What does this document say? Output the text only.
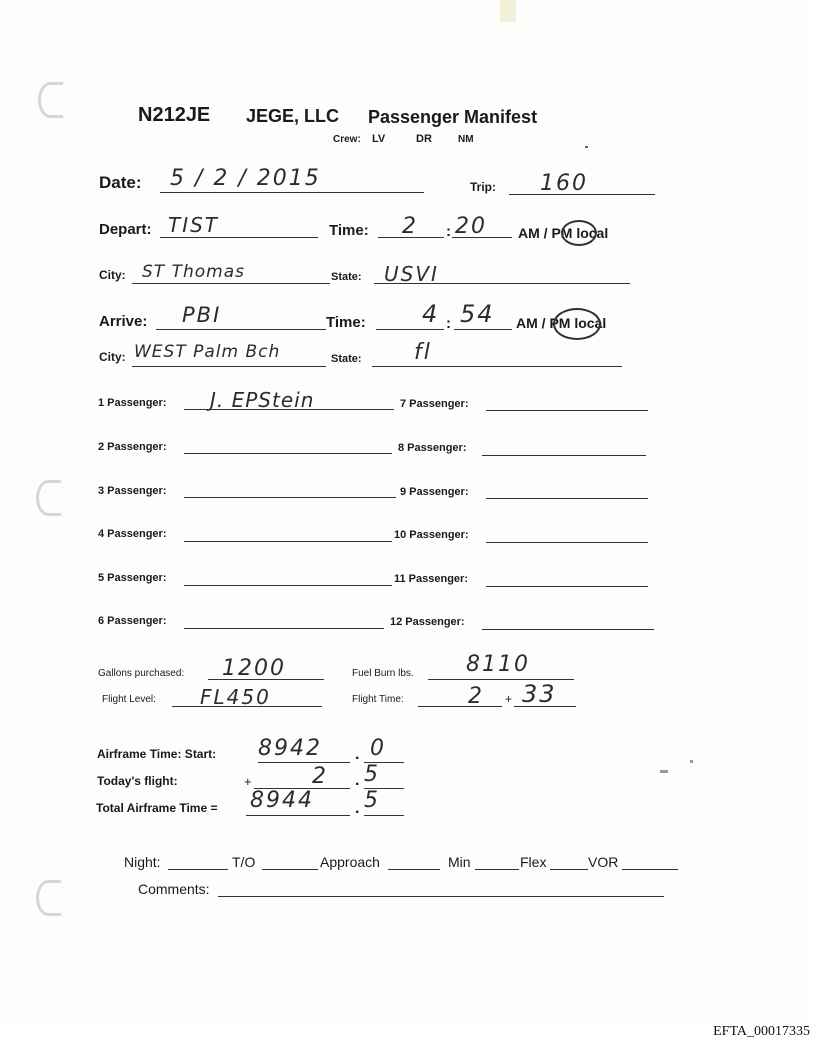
N212JE JEGE, LLC Passenger Manifest
Crew: LV	DR	NM
Date: 5 / 2 / 2015	Trip: 160
Depart: TIST	Time: 2 : 20 AM / PM local
City: ST Thomas	State: USVI
Arrive: PBI	Time: 4 : 54 AM / PM local
City: WEST Palm Bch	State: fl
1 Passenger: J. EPStein
2 Passenger:
3 Passenger:
4 Passenger:
5 Passenger:
6 Passenger:
7 Passenger:
8 Passenger:
9 Passenger:
10 Passenger:
11 Passenger:
12 Passenger:
Gallons purchased: 1200	Fuel Burn lbs. 8110
Flight Level: FL450	Flight Time:	2 + 33
Airframe Time: Start: 8942 . 0
Today's flight:	+	2 . 5
Total Airframe Time = 8944	. 5
Night:	T/O	Approach	Min	Flex	VOR
Comments:
EFTA_00017335
